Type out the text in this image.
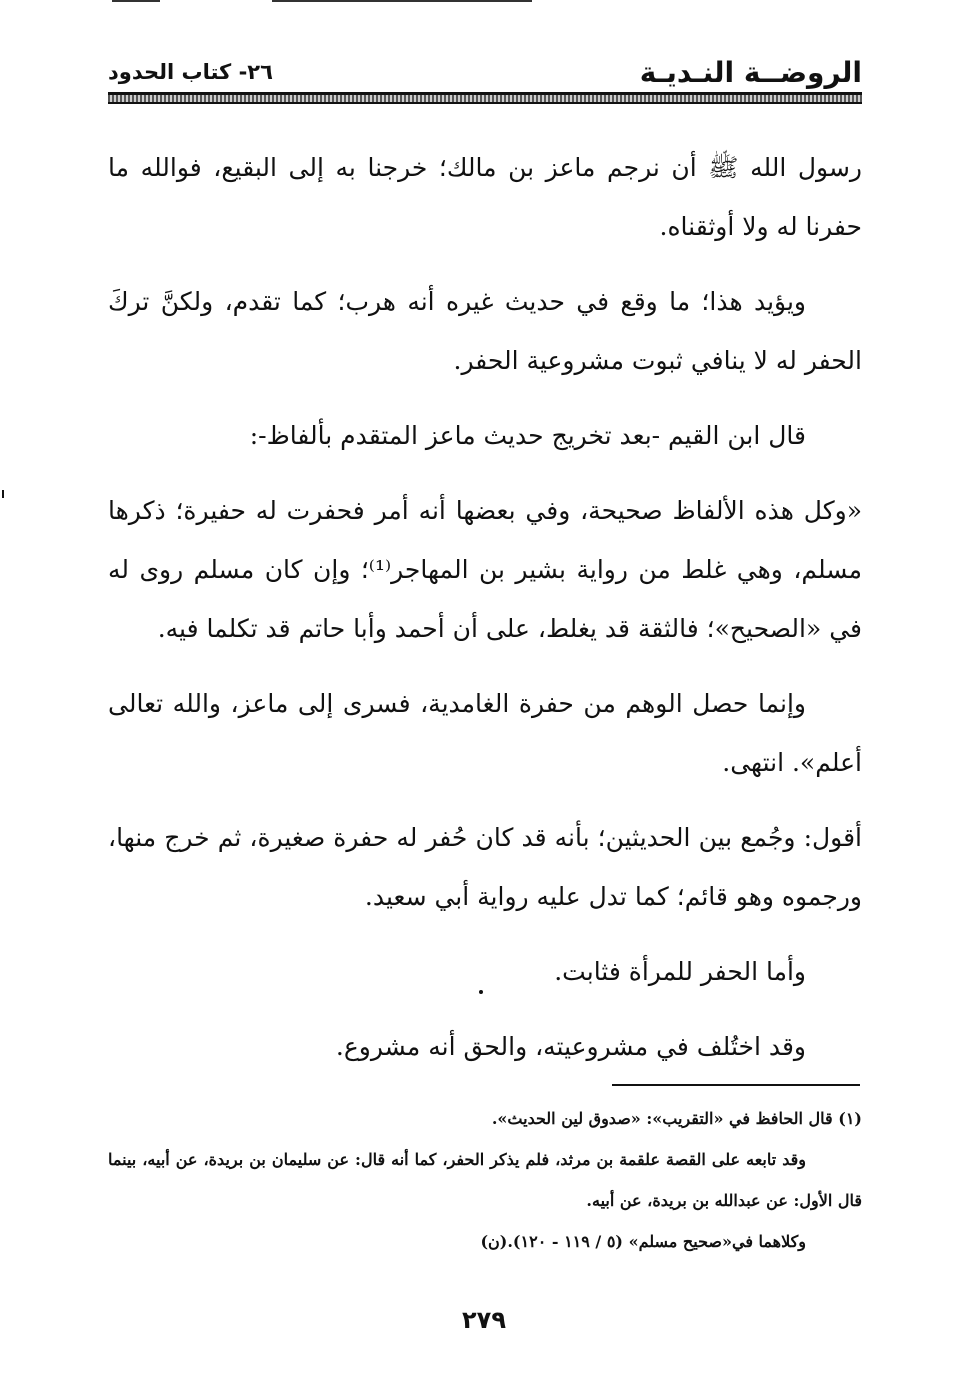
الروضــة النـديـة
٢٦- كتاب الحدود

رسول الله ﷺ أن نرجم ماعز بن مالك؛ خرجنا به إلى البقيع، فوالله ما حفرنا له ولا أوثقناه.

ويؤيد هذا؛ ما وقع في حديث غيره أنه هرب؛ كما تقدم، ولكنَّ تركَ الحفر له لا ينافي ثبوت مشروعية الحفر.

قال ابن القيم -بعد تخريج حديث ماعز المتقدم بألفاظ-:

«وكل هذه الألفاظ صحيحة، وفي بعضها أنه أمر فحفرت له حفيرة؛ ذكرها مسلم، وهي غلط من رواية بشير بن المهاجر⁽¹⁾؛ وإن كان مسلم روى له في «الصحيح»؛ فالثقة قد يغلط، على أن أحمد وأبا حاتم قد تكلما فيه.

وإنما حصل الوهم من حفرة الغامدية، فسرى إلى ماعز، والله تعالى أعلم». انتهى.

أقول: وجُمع بين الحديثين؛ بأنه قد كان حُفر له حفرة صغيرة، ثم خرج منها، ورجموه وهو قائم؛ كما تدل عليه رواية أبي سعيد.

وأما الحفر للمرأة فثابت.

وقد اختُلف في مشروعيته، والحق أنه مشروع.

(١) قال الحافظ في «التقريب»: «صدوق لين الحديث».

وقد تابعه على القصة علقمة بن مرثد، فلم يذكر الحفر، كما أنه قال: عن سليمان بن بريدة، عن أبيه، بينما قال الأول: عن عبدالله بن بريدة، عن أبيه.

وكلاهما في«صحيح مسلم» (٥ / ١١٩ - ١٢٠).(ن)

٢٧٩
